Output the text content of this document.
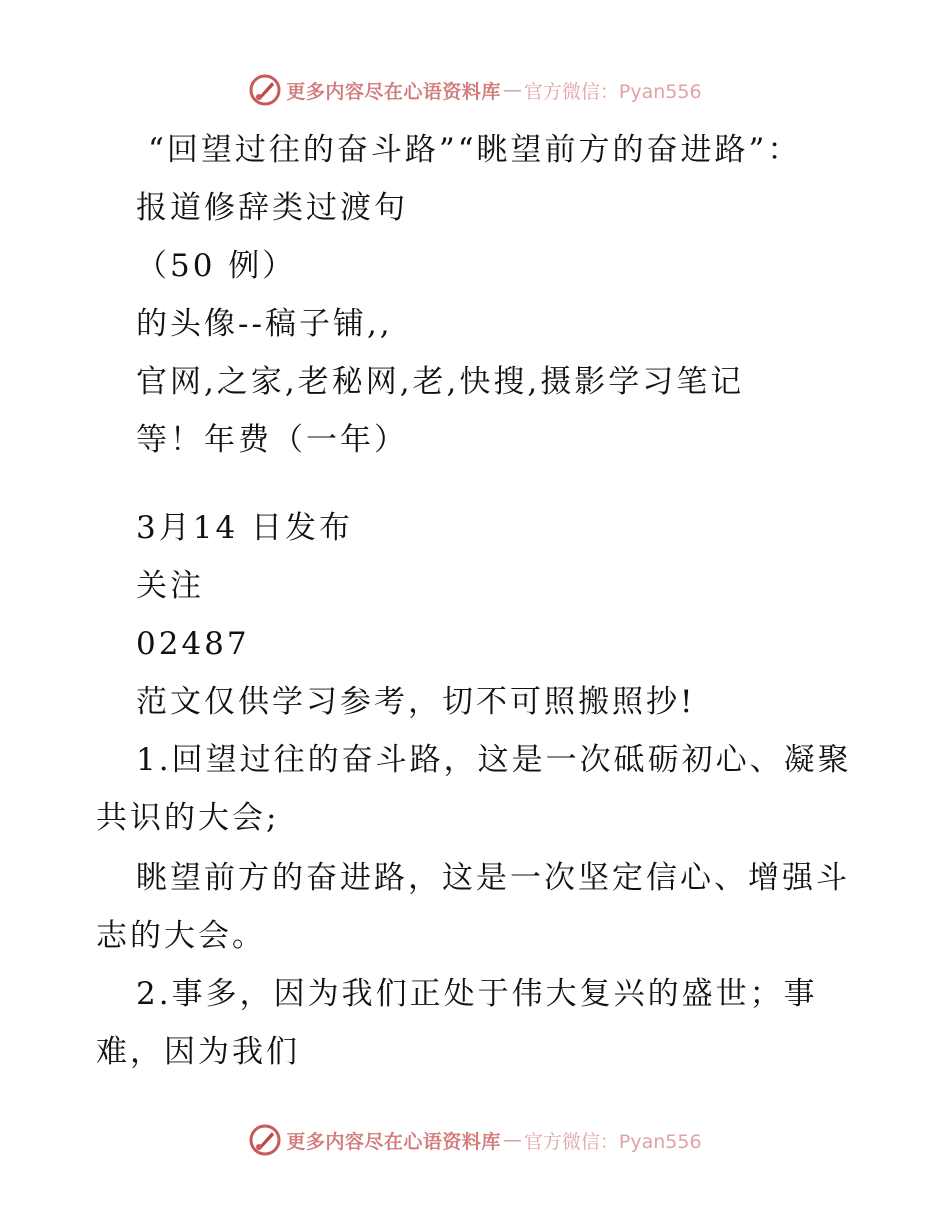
更多内容尽在心语资料库 — 官方微信：Pyan556
更多内容尽在心语资料库 — 官方微信：Pyan556
“回望过往的奋斗路”“眺望前方的奋进路”：
报道修辞类过渡句
（50 例）
的头像--稿子铺,,
官网,之家,老秘网,老,快搜,摄影学习笔记
等！年费（一年）
3月14 日发布
关注
02487
范文仅供学习参考，切不可照搬照抄!
1.回望过往的奋斗路，这是一次砥砺初心、凝聚
共识的大会;
眺望前方的奋进路，这是一次坚定信心、增强斗
志的大会。
2.事多，因为我们正处于伟大复兴的盛世；事
难，因为我们
